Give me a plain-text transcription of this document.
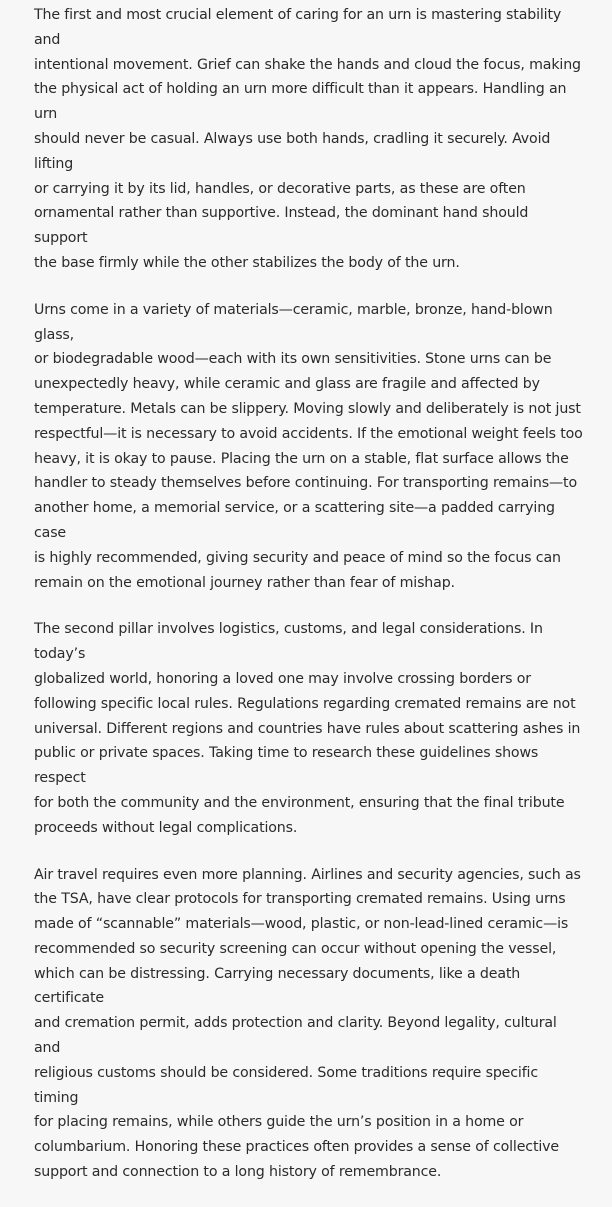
The first and most crucial element of caring for an urn is mastering stability and
intentional movement. Grief can shake the hands and cloud the focus, making
the physical act of holding an urn more difficult than it appears. Handling an urn
should never be casual. Always use both hands, cradling it securely. Avoid lifting
or carrying it by its lid, handles, or decorative parts, as these are often
ornamental rather than supportive. Instead, the dominant hand should support
the base firmly while the other stabilizes the body of the urn.

Urns come in a variety of materials—ceramic, marble, bronze, hand-blown glass,
or biodegradable wood—each with its own sensitivities. Stone urns can be
unexpectedly heavy, while ceramic and glass are fragile and affected by
temperature. Metals can be slippery. Moving slowly and deliberately is not just
respectful—it is necessary to avoid accidents. If the emotional weight feels too
heavy, it is okay to pause. Placing the urn on a stable, flat surface allows the
handler to steady themselves before continuing. For transporting remains—to
another home, a memorial service, or a scattering site—a padded carrying case
is highly recommended, giving security and peace of mind so the focus can
remain on the emotional journey rather than fear of mishap.

The second pillar involves logistics, customs, and legal considerations. In today’s
globalized world, honoring a loved one may involve crossing borders or
following specific local rules. Regulations regarding cremated remains are not
universal. Different regions and countries have rules about scattering ashes in
public or private spaces. Taking time to research these guidelines shows respect
for both the community and the environment, ensuring that the final tribute
proceeds without legal complications.

Air travel requires even more planning. Airlines and security agencies, such as
the TSA, have clear protocols for transporting cremated remains. Using urns
made of “scannable” materials—wood, plastic, or non-lead-lined ceramic—is
recommended so security screening can occur without opening the vessel,
which can be distressing. Carrying necessary documents, like a death certificate
and cremation permit, adds protection and clarity. Beyond legality, cultural and
religious customs should be considered. Some traditions require specific timing
for placing remains, while others guide the urn’s position in a home or
columbarium. Honoring these practices often provides a sense of collective
support and connection to a long history of remembrance.
